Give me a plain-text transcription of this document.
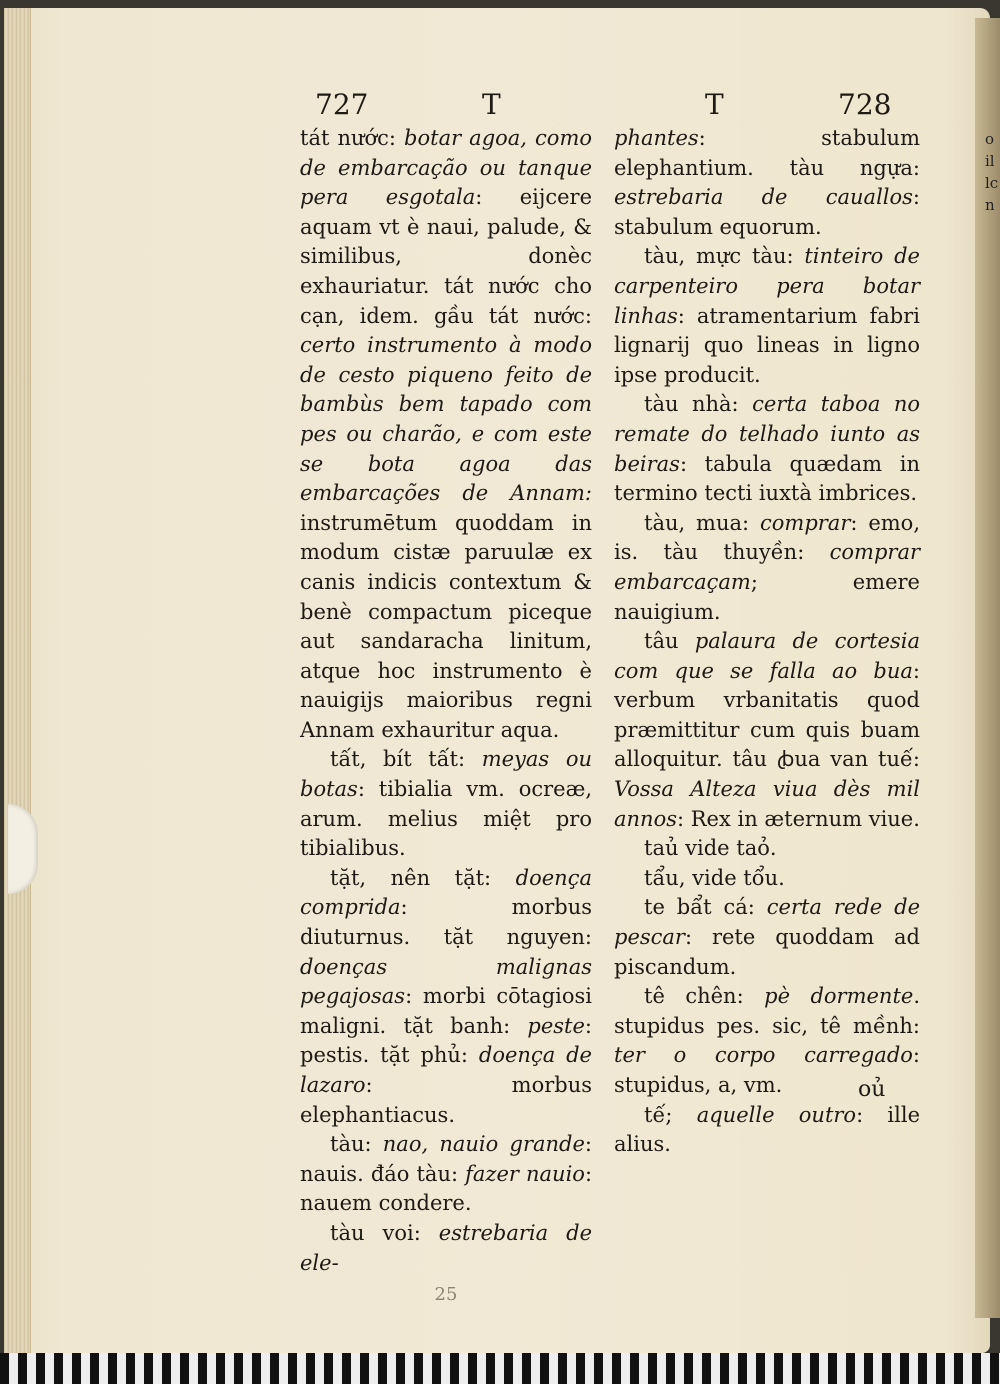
o
il
lc
n
727	T	T	728

tát nước: botar agoa, como de embarcação ou tanque pera esgotala: eijcere aquam vt è naui, palude, & similibus, donèc exhauriatur. tát nước cho cạn, idem. gầu tát nước: certo instrumento à modo de cesto piqueno feito de bambùs bem tapado com pes ou charão, e com este se bota agoa das embarcações de Annam: instrumētum quoddam in modum cistæ paruulæ ex canis indicis contextum & benè compactum piceque aut sandaracha linitum, atque hoc instrumento è nauigijs maioribus regni Annam exhauritur aqua.

tất, bít tất: meyas ou botas: tibialia vm. ocreæ, arum. melius miệt pro tibialibus.

tặt, nên tặt: doença comprida: morbus diuturnus. tặt nguyen: doenças malignas pegajosas: morbi cōtagiosi maligni. tặt banh: peste: pestis. tặt phủ: doença de lazaro: morbus elephantiacus.

tàu: nao, nauio grande: nauis. đáo tàu: fazer nauio: nauem condere.

tàu voi: estrebaria de ele-

25

phantes: stabulum elephantium. tàu ngựa: estrebaria de cauallos: stabulum equorum.

tàu, mực tàu: tinteiro de carpenteiro pera botar linhas: atramentarium fabri lignarij quo lineas in ligno ipse producit.

tàu nhà: certa taboa no remate do telhado iunto as beiras: tabula quædam in termino tecti iuxtà imbrices.

tàu, mua: comprar: emo, is. tàu thuyền: comprar embarcaçam; emere nauigium.

tâu palaura de cortesia com que se falla ao bua: verbum vrbanitatis quod præmittitur cum quis buam alloquitur. tâu ꞗua van tuế: Vossa Alteza viua dès mil annos: Rex in æternum viue.

taủ vide taỏ.

tẩu, vide tổu.

te bẩt cá: certa rede de pescar: rete quoddam ad piscandum.

tê chên: pè dormente. stupidus pes. sic, tê mềnh: ter o corpo carregado: stupidus, a, vm.

tế; aquelle outro: ille alius.

oủ
